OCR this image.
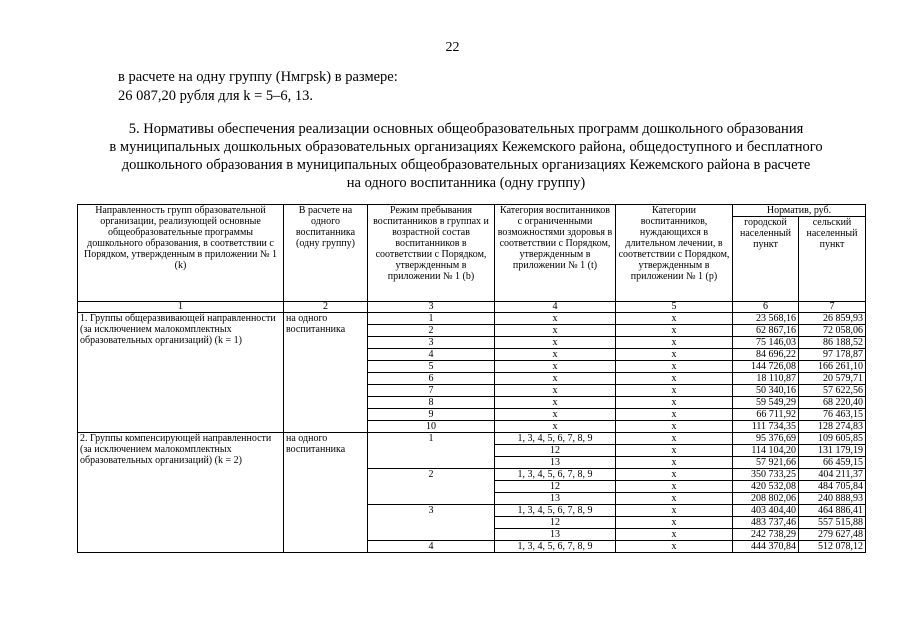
22
в расчете на одну группу (Нмгрsk) в размере:
26 087,20 рубля для k = 5–6, 13.
5. Нормативы обеспечения реализации основных общеобразовательных программ дошкольного образования
в муниципальных дошкольных образовательных организациях Кежемского района, общедоступного и бесплатного
дошкольного образования в муниципальных общеобразовательных организациях Кежемского района в расчете
на одного воспитанника (одну группу)
Направленность групп образовательной организации, реализующей основные общеобразовательные программы дошкольного образования, в соответствии с Порядком, утвержденным в приложении № 1 (k)	В расчете на одного воспитанника (одну группу)	Режим пребывания воспитанников в группах и возрастной состав воспитанников в соответствии с Порядком, утвержденным в приложении № 1 (b)	Категория воспитанников с ограниченными возможностями здоровья в соответствии с Порядком, утвержденным в приложении № 1 (t)	Категории воспитанников, нуждающихся в длительном лечении, в соответствии с Порядком, утвержденным в приложении № 1 (p)	Норматив, руб.	
					городской населенный пункт	сельский населенный пункт
1	2	3	4	5	6	7
1. Группы общеразвивающей направленности (за исключением малокомплектных образовательных организаций) (k = 1)	на одного воспитанника	1	x	x	23 568,16	26 859,93
		2	x	x	62 867,16	72 058,06
		3	x	x	75 146,03	86 188,52
		4	x	x	84 696,22	97 178,87
		5	x	x	144 726,08	166 261,10
		6	x	x	18 110,87	20 579,71
		7	x	x	50 340,16	57 622,56
		8	x	x	59 549,29	68 220,40
		9	x	x	66 711,92	76 463,15
		10	x	x	111 734,35	128 274,83
2. Группы компенсирующей направленности (за исключением малокомплектных образовательных организаций) (k = 2)	на одного воспитанника	1	1, 3, 4, 5, 6, 7, 8, 9	x	95 376,69	109 605,85
			12	x	114 104,20	131 179,19
			13	x	57 921,66	66 459,15
		2	1, 3, 4, 5, 6, 7, 8, 9	x	350 733,25	404 211,37
			12	x	420 532,08	484 705,84
			13	x	208 802,06	240 888,93
		3	1, 3, 4, 5, 6, 7, 8, 9	x	403 404,40	464 886,41
			12	x	483 737,46	557 515,88
			13	x	242 738,29	279 627,48
		4	1, 3, 4, 5, 6, 7, 8, 9	x	444 370,84	512 078,12
